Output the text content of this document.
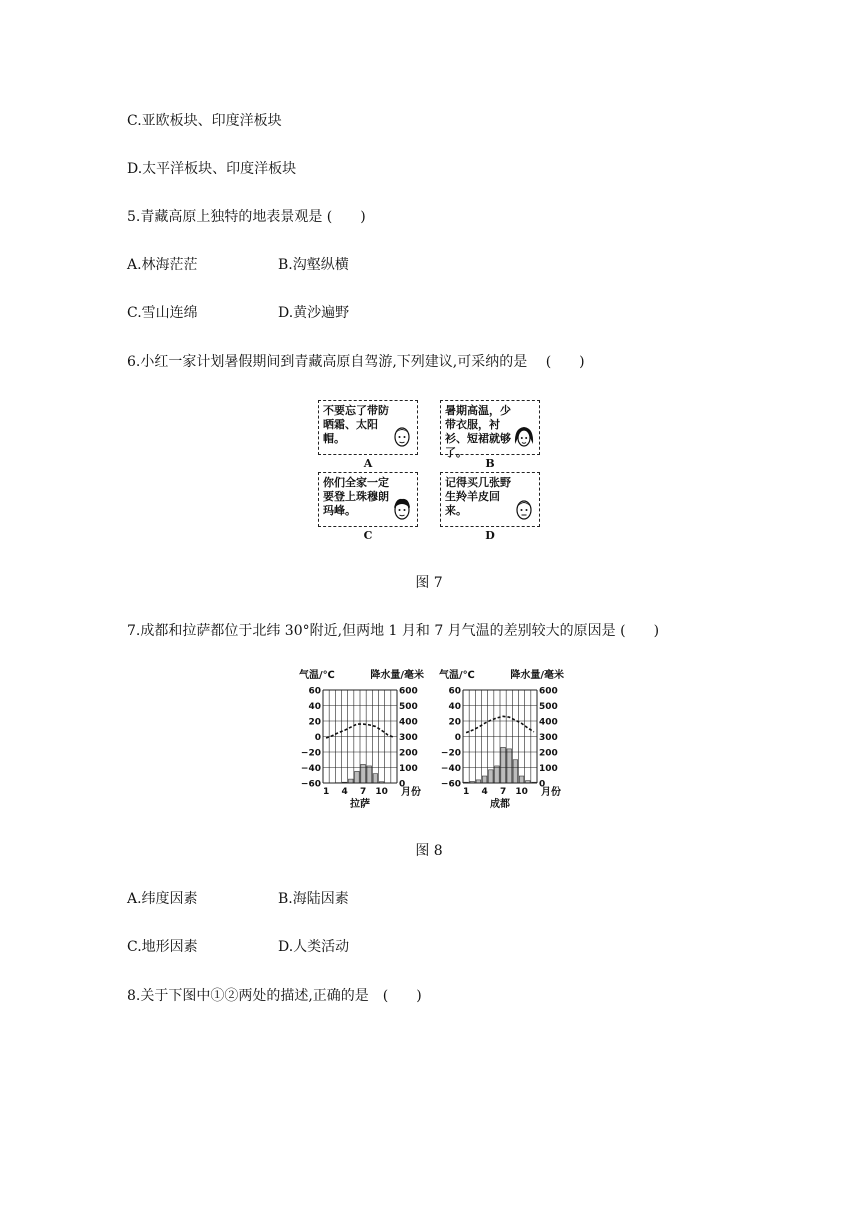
C.亚欧板块、印度洋板块
D.太平洋板块、印度洋板块
5.青藏高原上独特的地表景观是 (　　)
A.林海茫茫	B.沟壑纵横
C.雪山连绵	D.黄沙遍野
6.小红一家计划暑假期间到青藏高原自驾游,下列建议,可采纳的是　 (　　)
不要忘了带防晒霜、太阳帽。
A
暑期高温，少带衣服，衬衫、短裙就够了。
B
你们全家一定要登上珠穆朗玛峰。
C
记得买几张野生羚羊皮回来。
D
图 7
7.成都和拉萨都位于北纬 30°附近,但两地 1 月和 7 月气温的差别较大的原因是 (　　)
气温/℃	降水量/毫米
60	600
40	500
20	400
0	300
−20	200
−40	100
−60	0
1 4 7 10 月份
拉萨
气温/℃	降水量/毫米
60	600
40	500
20	400
0	300
−20	200
−40	100
−60	0
1 4 7 10 月份
成都
图 8
A.纬度因素	B.海陆因素
C.地形因素	D.人类活动
8.关于下图中①②两处的描述,正确的是　(　　)
